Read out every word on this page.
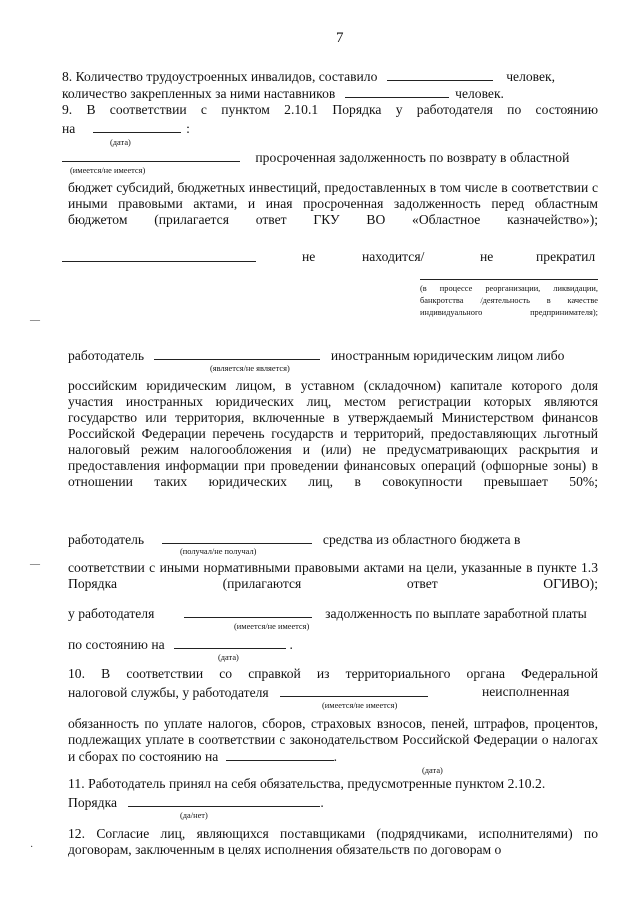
7
8. Количество трудоустроенных инвалидов, составило	человек,
количество закрепленных за ними наставников	человек.
9. В соответствии с пунктом 2.10.1 Порядка у работодателя по состоянию
на	:
(дата)
просроченная задолженность по возврату в областной
(имеется/не имеется)
бюджет субсидий, бюджетных инвестиций, предоставленных в том числе в соответствии с иными правовыми актами, и иная просроченная задолженность перед областным бюджетом (прилагается ответ ГКУ ВО «Областное казначейство»);
не	находится/	не	прекратил
(в процессе реорганизации, ликвидации, банкротства /деятельность в качестве индивидуального предпринимателя);
—
работодатель	иностранным юридическим лицом либо
(является/не является)
российским юридическим лицом, в уставном (складочном) капитале которого доля участия иностранных юридических лиц, местом регистрации которых являются государство или территория, включенные в утверждаемый Министерством финансов Российской Федерации перечень государств и территорий, предоставляющих льготный налоговый режим налогообложения и (или) не предусматривающих раскрытия и предоставления информации при проведении финансовых операций (офшорные зоны) в отношении таких юридических лиц, в совокупности превышает 50%;
работодатель	средства из областного бюджета в
(получал/не получал)
— соответствии с иными нормативными правовыми актами на цели, указанные в пункте 1.3 Порядка (прилагаются ответ ОГИВО);
у работодателя	задолженность по выплате заработной платы
(имеется/не имеется)
по состоянию на	.
(дата)
10. В соответствии со справкой из территориального органа Федеральной
налоговой службы, у работодателя	неисполненная
(имеется/не имеется)
обязанность по уплате налогов, сборов, страховых взносов, пеней, штрафов, процентов, подлежащих уплате в соответствии с законодательством Российской Федерации о налогах и сборах по состоянию на	.
(дата)
11. Работодатель принял на себя обязательства, предусмотренные пунктом 2.10.2.
Порядка	.
(да/нет)
·
12. Согласие лиц, являющихся поставщиками (подрядчиками, исполнителями) по договорам, заключенным в целях исполнения обязательств по договорам о
